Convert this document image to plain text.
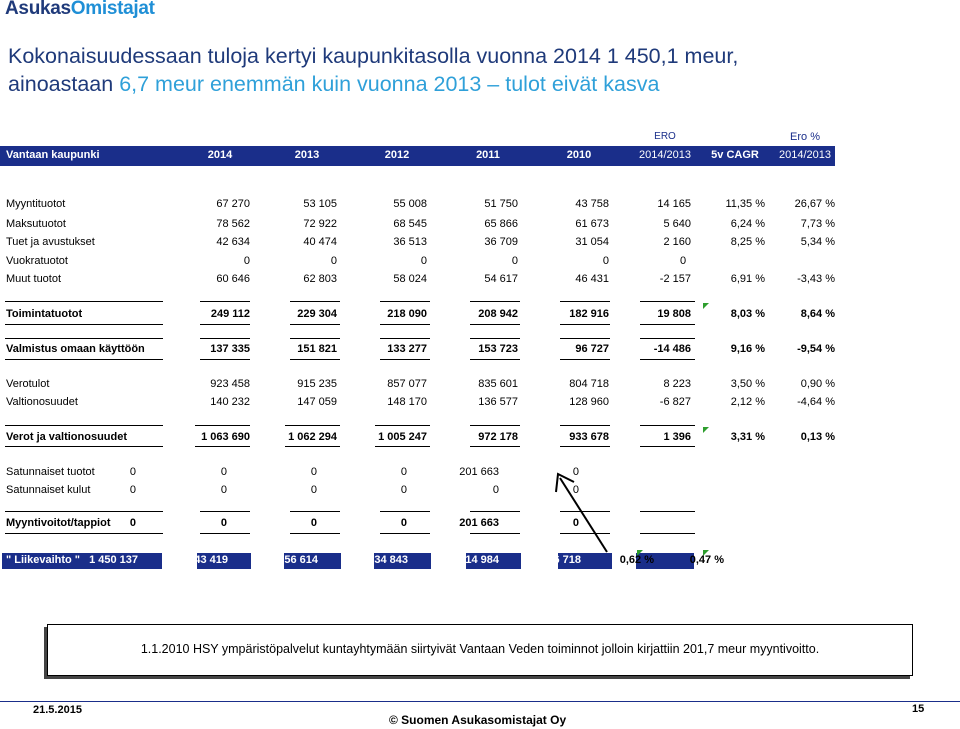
AsukasOmistajat
Kokonaisuudessaan tuloja kertyi kaupunkitasolla vuonna 2014 1 450,1 meur,
ainoastaan 6,7 meur enemmän kuin vuonna 2013 – tulot eivät kasva
ERO	Ero %
Vantaan kaupunki	2014	2013	2012	2011	2010	2014/2013	5v CAGR	2014/2013
Myyntituotot	67 270	53 105	55 008	51 750	43 758	14 165	11,35 %	26,67 %
Maksutuotot	78 562	72 922	68 545	65 866	61 673	5 640	6,24 %	7,73 %
Tuet ja avustukset	42 634	40 474	36 513	36 709	31 054	2 160	8,25 %	5,34 %
Vuokratuotot	0	0	0	0	0	0
Muut tuotot	60 646	62 803	58 024	54 617	46 431	-2 157	6,91 %	-3,43 %
Toimintatuotot	249 112	229 304	218 090	208 942	182 916	19 808	8,03 %	8,64 %
Valmistus omaan käyttöön	137 335	151 821	133 277	153 723	96 727	-14 486	9,16 %	-9,54 %
Verotulot	923 458	915 235	857 077	835 601	804 718	8 223	3,50 %	0,90 %
Valtionosuudet	140 232	147 059	148 170	136 577	128 960	-6 827	2,12 %	-4,64 %
Verot ja valtionosuudet	1 063 690	1 062 294	1 005 247	972 178	933 678	1 396	3,31 %	0,13 %
Satunnaiset tuotot	0	0	0	0	201 663	0
Satunnaiset kulut	0	0	0	0	0	0
Myyntivoitot/tappiot 0	0	0	0	201 663	0
" Liikevaihto " 1 450 137	1 443 419	1 356 614	1 334 843	1 414 984	6 718	0,62 %	0,47 %
1.1.2010 HSY ympäristöpalvelut kuntayhtymään siirtyivät Vantaan Veden toiminnot jolloin kirjattiin 201,7 meur myyntivoitto.
21.5.2015
© Suomen Asukasomistajat Oy
15
